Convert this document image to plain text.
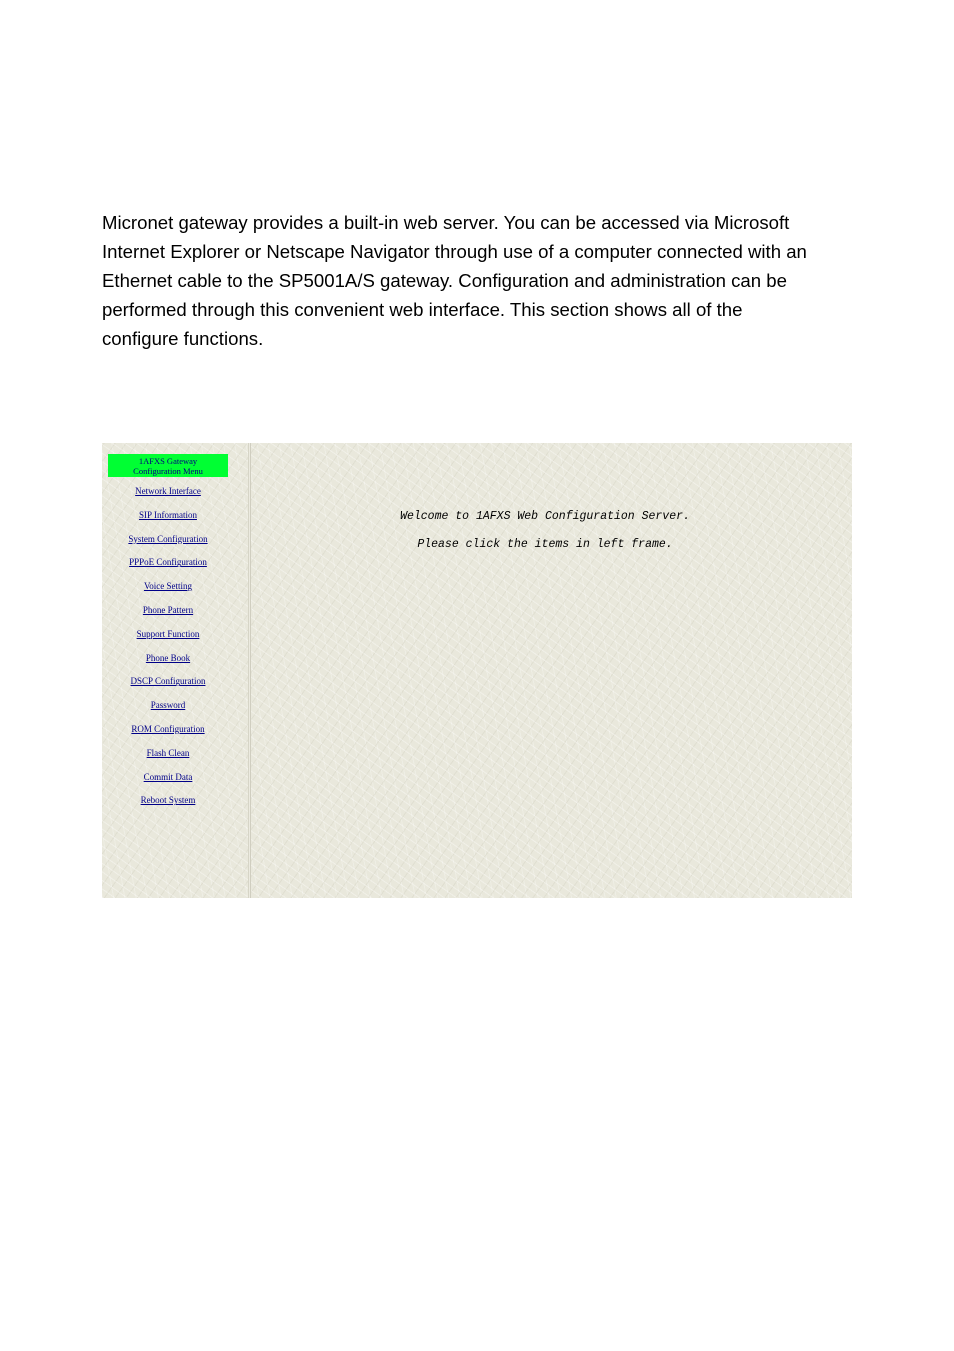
Micronet gateway provides a built-in web server. You can be accessed via Microsoft
Internet Explorer or Netscape Navigator through use of a computer connected with an
Ethernet cable to the SP5001A/S gateway. Configuration and administration can be
performed through this convenient web interface. This section shows all of the
configure functions.
1AFXS Gateway
Configuration Menu
Network Interface
SIP Information
System Configuration
PPPoE Configuration
Voice Setting
Phone Pattern
Support Function
Phone Book
DSCP Configuration
Password
ROM Configuration
Flash Clean
Commit Data
Reboot System
Welcome to 1AFXS Web Configuration Server.
Please click the items in left frame.
